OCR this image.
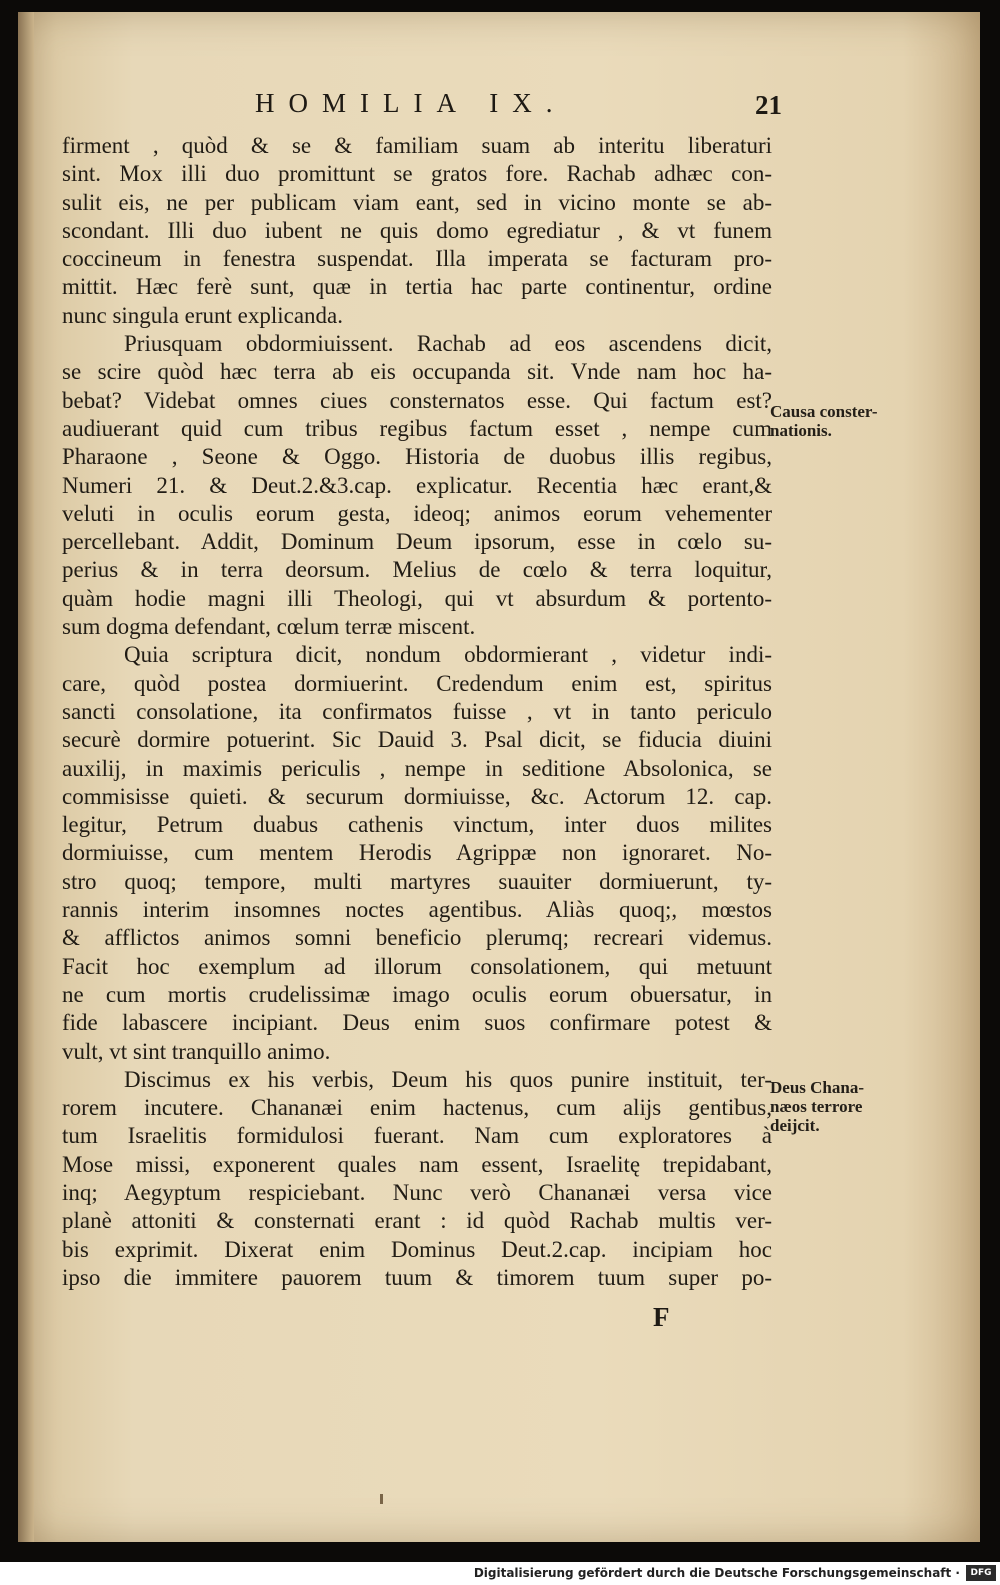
HOMILIA IX.	21
firment , quòd & se & familiam suam ab interitu liberaturi
sint. Mox illi duo promittunt se gratos fore. Rachab adhæc con-
sulit eis, ne per publicam viam eant, sed in vicino monte se ab-
scondant. Illi duo iubent ne quis domo egrediatur , & vt funem
coccineum in fenestra suspendat. Illa imperata se facturam pro-
mittit. Hæc ferè sunt, quæ in tertia hac parte continentur, ordine
nunc singula erunt explicanda.
Priusquam obdormiuissent. Rachab ad eos ascendens dicit,
se scire quòd hæc terra ab eis occupanda sit. Vnde nam hoc ha-
bebat? Videbat omnes ciues consternatos esse. Qui factum est?
audiuerant quid cum tribus regibus factum esset , nempe cum
Pharaone , Seone & Oggo. Historia de duobus illis regibus,
Numeri 21. & Deut.2.&3.cap. explicatur. Recentia hæc erant,&
veluti in oculis eorum gesta, ideoq; animos eorum vehementer
percellebant. Addit, Dominum Deum ipsorum, esse in cœlo su-
perius & in terra deorsum. Melius de cœlo & terra loquitur,
quàm hodie magni illi Theologi, qui vt absurdum & portento-
sum dogma defendant, cœlum terræ miscent.
Quia scriptura dicit, nondum obdormierant , videtur indi-
care, quòd postea dormiuerint. Credendum enim est, spiritus
sancti consolatione, ita confirmatos fuisse , vt in tanto periculo
securè dormire potuerint. Sic Dauid 3. Psal dicit, se fiducia diuini
auxilij, in maximis periculis , nempe in seditione Absolonica, se
commisisse quieti. & securum dormiuisse, &c. Actorum 12. cap.
legitur, Petrum duabus cathenis vinctum, inter duos milites
dormiuisse, cum mentem Herodis Agrippæ non ignoraret. No-
stro quoq; tempore, multi martyres suauiter dormiuerunt, ty-
rannis interim insomnes noctes agentibus. Aliàs quoq;, mœstos
& afflictos animos somni beneficio plerumq; recreari videmus.
Facit hoc exemplum ad illorum consolationem, qui metuunt
ne cum mortis crudelissimæ imago oculis eorum obuersatur, in
fide labascere incipiant. Deus enim suos confirmare potest &
vult, vt sint tranquillo animo.
Discimus ex his verbis, Deum his quos punire instituit, ter-
rorem incutere. Chananæi enim hactenus, cum alijs gentibus,
tum Israelitis formidulosi fuerant. Nam cum exploratores à
Mose missi, exponerent quales nam essent, Israelitę trepidabant,
inq; Aegyptum respiciebant. Nunc verò Chananæi versa vice
planè attoniti & consternati erant : id quòd Rachab multis ver-
bis exprimit. Dixerat enim Dominus Deut.2.cap. incipiam hoc
ipso die immitere pauorem tuum & timorem tuum super po-
Causa conster-
nationis.
Deus Chana-
næos terrore
deijcit.
F
Digitalisierung gefördert durch die Deutsche Forschungsgemeinschaft ·	DFG
